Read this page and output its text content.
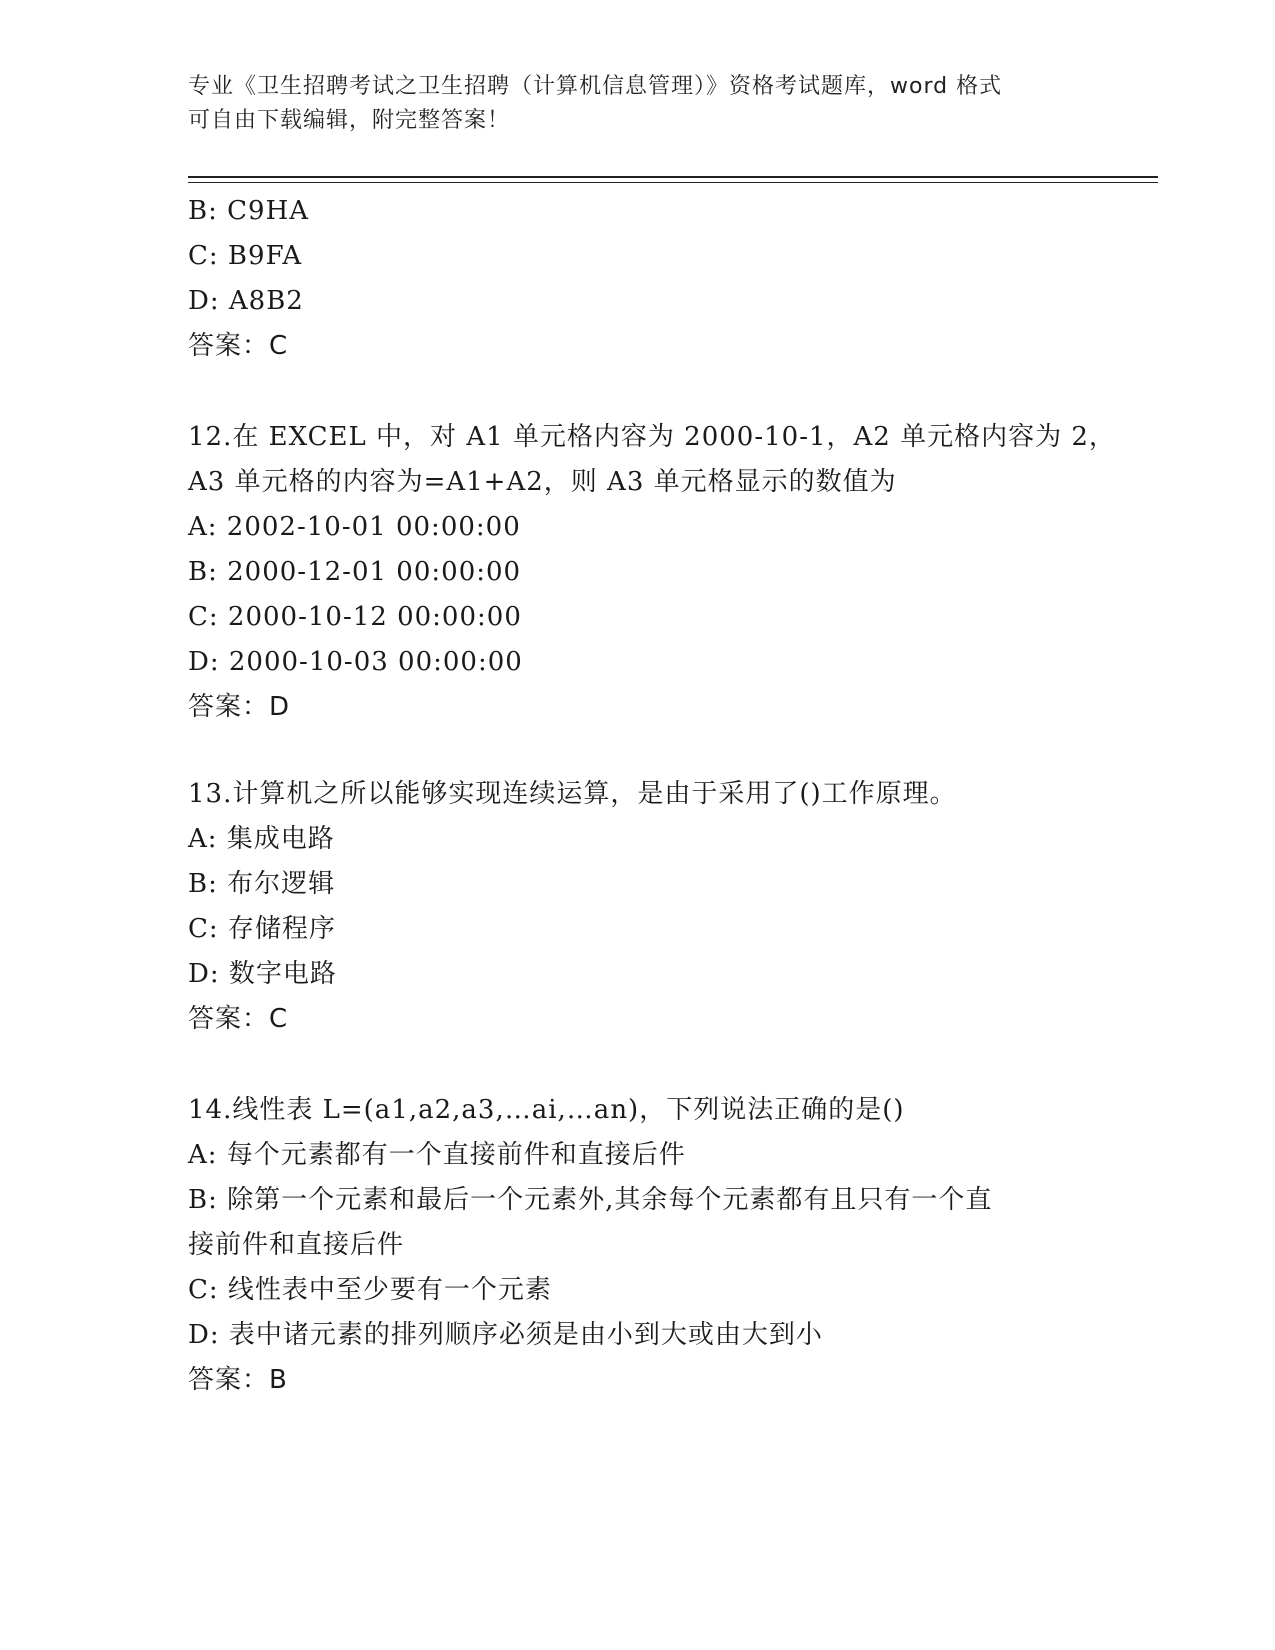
专业《卫生招聘考试之卫生招聘（计算机信息管理）》资格考试题库，word 格式
可自由下载编辑，附完整答案！
B: C9HA
C: B9FA
D: A8B2
答案：C
12.在 EXCEL 中，对 A1 单元格内容为 2000-10-1，A2 单元格内容为 2，
A3 单元格的内容为=A1+A2，则 A3 单元格显示的数值为
A: 2002-10-01 00:00:00
B: 2000-12-01 00:00:00
C: 2000-10-12 00:00:00
D: 2000-10-03 00:00:00
答案：D
13.计算机之所以能够实现连续运算，是由于采用了()工作原理。
A: 集成电路
B: 布尔逻辑
C: 存储程序
D: 数字电路
答案：C
14.线性表 L=(a1,a2,a3,…ai,…an)，下列说法正确的是()
A: 每个元素都有一个直接前件和直接后件
B: 除第一个元素和最后一个元素外,其余每个元素都有且只有一个直
接前件和直接后件
C: 线性表中至少要有一个元素
D: 表中诸元素的排列顺序必须是由小到大或由大到小
答案：B
